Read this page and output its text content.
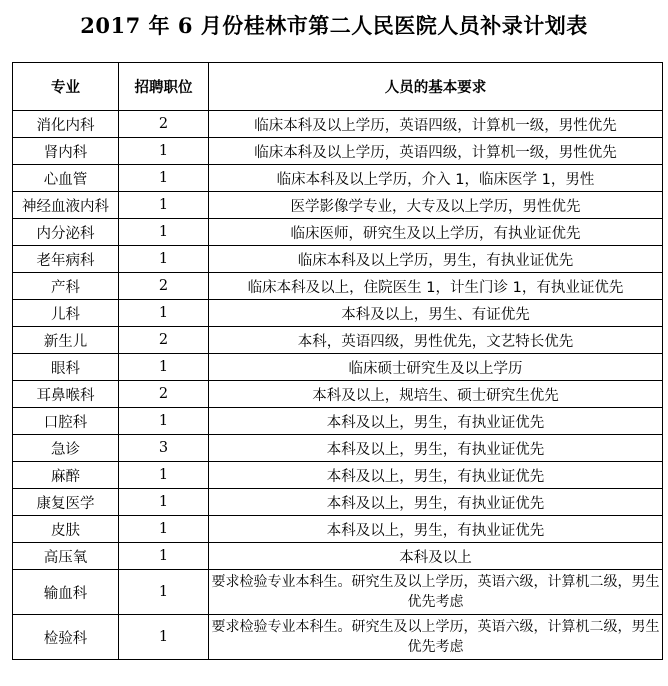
2017 年 6 月份桂林市第二人民医院人员补录计划表
专业	招聘职位	人员的基本要求
消化内科	2	临床本科及以上学历，英语四级，计算机一级，男性优先
肾内科	1	临床本科及以上学历，英语四级，计算机一级，男性优先
心血管	1	临床本科及以上学历，介入 1，临床医学 1，男性
神经血液内科	1	医学影像学专业，大专及以上学历，男性优先
内分泌科	1	临床医师，研究生及以上学历，有执业证优先
老年病科	1	临床本科及以上学历，男生，有执业证优先
产科	2	临床本科及以上，住院医生 1，计生门诊 1，有执业证优先
儿科	1	本科及以上，男生、有证优先
新生儿	2	本科，英语四级，男性优先，文艺特长优先
眼科	1	临床硕士研究生及以上学历
耳鼻喉科	2	本科及以上，规培生、硕士研究生优先
口腔科	1	本科及以上，男生，有执业证优先
急诊	3	本科及以上，男生，有执业证优先
麻醉	1	本科及以上，男生，有执业证优先
康复医学	1	本科及以上，男生，有执业证优先
皮肤	1	本科及以上，男生，有执业证优先
高压氧	1	本科及以上
输血科	1	要求检验专业本科生。研究生及以上学历，英语六级，计算机二级，男生优先考虑
检验科	1	要求检验专业本科生。研究生及以上学历，英语六级，计算机二级，男生优先考虑
